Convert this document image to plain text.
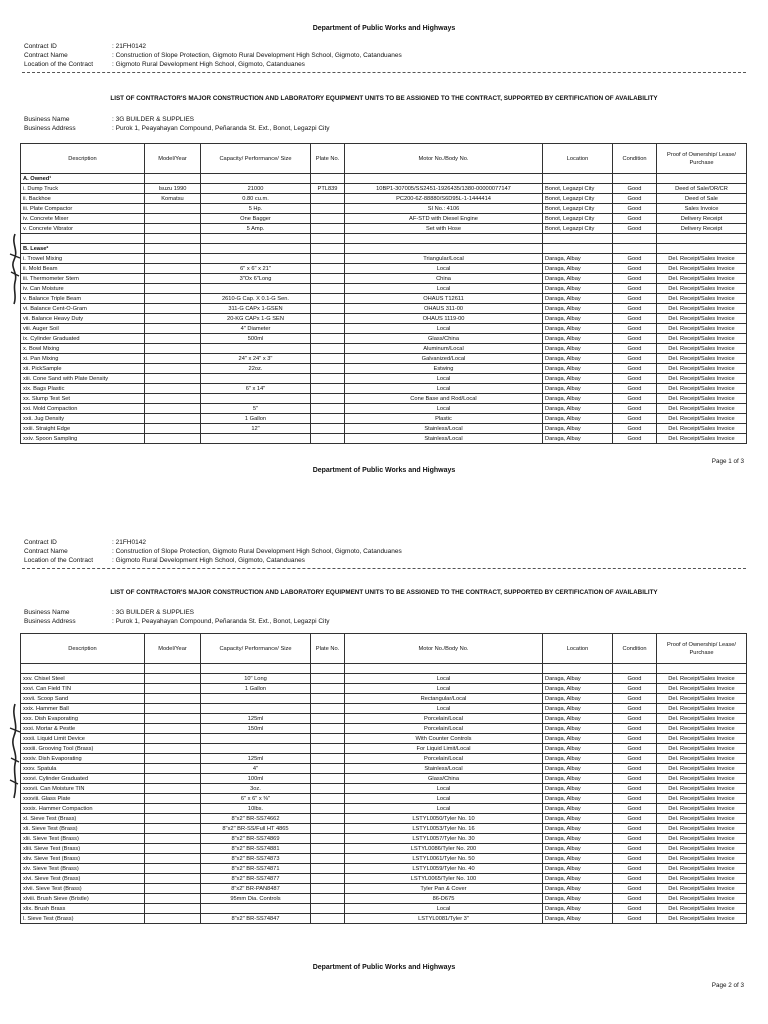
Department of Public Works and Highways
Contract ID	: 21FH0142
Contract Name	: Construction of Slope Protection, Gigmoto Rural Development High School, Gigmoto, Catanduanes
Location of the Contract	: Gigmoto Rural Development High School, Gigmoto, Catanduanes
LIST OF CONTRACTOR'S MAJOR CONSTRUCTION AND LABORATORY EQUIPMENT UNITS TO BE ASSIGNED TO THE CONTRACT, SUPPORTED BY CERTIFICATION OF AVAILABILITY
Business Name	: 3G BUILDER & SUPPLIES
Business Address	: Purok 1, Peayahayan Compound, Peñaranda St. Ext., Bonot, Legazpi City
Description	Model/Year	Capacity/ Performance/ Size	Plate No.	Motor No./Body No.	Location	Condition	Proof of Ownership/ Lease/ Purchase
A. Owned¹							
i. Dump Truck	Isuzu 1990	21000	PTL839	10BP1-307005/SS2451-1926435/1380-00000077147	Bonot, Legazpi City	Good	Deed of Sale/OR/CR
ii. Backhoe	Komatsu	0.80 cu.m.		PC200-6Z-88880/S6D95L-1-1444414	Bonot, Legazpi City	Good	Deed of Sale
iii. Plate Compactor		5 Hp.		SI No.: 4106	Bonot, Legazpi City	Good	Sales Invoice
iv. Concrete Mixer		One Bagger		AF-STD with Diesel Engine	Bonot, Legazpi City	Good	Delivery Receipt
v. Concrete Vibrator		5 Amp.		Set with Hose	Bonot, Legazpi City	Good	Delivery Receipt

B. Lease²							
i. Trowel Mixing				Triangular/Local	Daraga, Albay	Good	Del. Receipt/Sales Invoice
ii. Mold Beam		6" x 6" x 21"		Local	Daraga, Albay	Good	Del. Receipt/Sales Invoice
iii. Thermometer Stem		3"Ox 6"Long		China	Daraga, Albay	Good	Del. Receipt/Sales Invoice
iv. Can Moisture				Local	Daraga, Albay	Good	Del. Receipt/Sales Invoice
v. Balance Triple Beam		2610-G Cap. X 0.1-G Sen.		OHAUS T12611	Daraga, Albay	Good	Del. Receipt/Sales Invoice
vi. Balance Cent-O-Gram		311-G CAPx 1-GSEN		OHAUS 311-00	Daraga, Albay	Good	Del. Receipt/Sales Invoice
vii. Balance Heavy Duty		20-KG CAPx 1-G SEN		OHAUS 1119-00	Daraga, Albay	Good	Del. Receipt/Sales Invoice
viii. Auger Soil		4" Diameter		Local	Daraga, Albay	Good	Del. Receipt/Sales Invoice
ix. Cylinder Graduated		500ml		Glass/China	Daraga, Albay	Good	Del. Receipt/Sales Invoice
x. Bowl Mixing				Aluminum/Local	Daraga, Albay	Good	Del. Receipt/Sales Invoice
xi. Pan Mixing		24" x 24" x 3"		Galvanized/Local	Daraga, Albay	Good	Del. Receipt/Sales Invoice
xii. PickSample		22oz.		Estwing	Daraga, Albay	Good	Del. Receipt/Sales Invoice
xiii. Cone Sand with Plate Density				Local	Daraga, Albay	Good	Del. Receipt/Sales Invoice
xix. Bags Plastic		6" x 14"		Local	Daraga, Albay	Good	Del. Receipt/Sales Invoice
xx. Slump Test Set				Cone Base and Rod/Local	Daraga, Albay	Good	Del. Receipt/Sales Invoice
xxi. Mold Compaction		5"		Local	Daraga, Albay	Good	Del. Receipt/Sales Invoice
xxii. Jug Density		1 Gallon		Plastic	Daraga, Albay	Good	Del. Receipt/Sales Invoice
xxiii. Straight Edge		12"		Stainless/Local	Daraga, Albay	Good	Del. Receipt/Sales Invoice
xxiv. Spoon Sampling				Stainless/Local	Daraga, Albay	Good	Del. Receipt/Sales Invoice
Page 1 of 3
Department of Public Works and Highways
Contract ID	: 21FH0142
Contract Name	: Construction of Slope Protection, Gigmoto Rural Development High School, Gigmoto, Catanduanes
Location of the Contract	: Gigmoto Rural Development High School, Gigmoto, Catanduanes
LIST OF CONTRACTOR'S MAJOR CONSTRUCTION AND LABORATORY EQUIPMENT UNITS TO BE ASSIGNED TO THE CONTRACT, SUPPORTED BY CERTIFICATION OF AVAILABILITY
Business Name	: 3G BUILDER & SUPPLIES
Business Address	: Purok 1, Peayahayan Compound, Peñaranda St. Ext., Bonot, Legazpi City
Description	Model/Year	Capacity/ Performance/ Size	Plate No.	Motor No./Body No.	Location	Condition	Proof of Ownership/ Lease/ Purchase

xxv. Chisel Steel		10" Long		Local	Daraga, Albay	Good	Del. Receipt/Sales Invoice
xxvi. Can Field TIN		1 Gallon		Local	Daraga, Albay	Good	Del. Receipt/Sales Invoice
xxvii. Scoop Sand				Rectangular/Local	Daraga, Albay	Good	Del. Receipt/Sales Invoice
xxix. Hammer Ball				Local	Daraga, Albay	Good	Del. Receipt/Sales Invoice
xxx. Dish Evaporating		125ml		Porcelain/Local	Daraga, Albay	Good	Del. Receipt/Sales Invoice
xxxi. Mortar & Pestle		150ml		Porcelain/Local	Daraga, Albay	Good	Del. Receipt/Sales Invoice
xxxii. Liquid Limit Device				With Counter Controls	Daraga, Albay	Good	Del. Receipt/Sales Invoice
xxxiii. Grooving Tool (Brass)				For Liquid Limit/Local	Daraga, Albay	Good	Del. Receipt/Sales Invoice
xxxiv. Dish Evaporating		125ml		Porcelain/Local	Daraga, Albay	Good	Del. Receipt/Sales Invoice
xxxv. Spatula		4"		Stainless/Local	Daraga, Albay	Good	Del. Receipt/Sales Invoice
xxxvi. Cylinder Graduated		100ml		Glass/China	Daraga, Albay	Good	Del. Receipt/Sales Invoice
xxxvii. Can Moisture TIN		3oz.		Local	Daraga, Albay	Good	Del. Receipt/Sales Invoice
xxxviii. Glass Plate		6" x 6" x ⅜"		Local	Daraga, Albay	Good	Del. Receipt/Sales Invoice
xxxix. Hammer Compaction		10lbs.		Local	Daraga, Albay	Good	Del. Receipt/Sales Invoice
xl. Sieve Test (Brass)		8"x2" BR-SS74662		LSTYL0050/Tyler No. 10	Daraga, Albay	Good	Del. Receipt/Sales Invoice
xli. Sieve Test (Brass)		8"x2" BR-SS/Full HT 4865		LSTYL0053/Tyler No. 16	Daraga, Albay	Good	Del. Receipt/Sales Invoice
xlii. Sieve Test (Brass)		8"x2" BR-SS74869		LSTYL0057/Tyler No. 30	Daraga, Albay	Good	Del. Receipt/Sales Invoice
xliii. Sieve Test (Brass)		8"x2" BR-SS74881		LSTYL0086/Tyler No. 200	Daraga, Albay	Good	Del. Receipt/Sales Invoice
xliv. Sieve Test (Brass)		8"x2" BR-SS74873		LSTYL0061/Tyler No. 50	Daraga, Albay	Good	Del. Receipt/Sales Invoice
xlv. Sieve Test (Brass)		8"x2" BR-SS74871		LSTYL0059/Tyler No. 40	Daraga, Albay	Good	Del. Receipt/Sales Invoice
xlvi. Sieve Test (Brass)		8"x2" BR-SS74877		LSTYL0065/Tyler No. 100	Daraga, Albay	Good	Del. Receipt/Sales Invoice
xlvii. Sieve Test (Brass)		8"x2" BR-PAN8487		Tyler Pan & Cover	Daraga, Albay	Good	Del. Receipt/Sales Invoice
xlviii. Brush Sieve (Bristle)		95mm Dia. Controls		86-D675	Daraga, Albay	Good	Del. Receipt/Sales Invoice
xlix. Brush Brass				Local	Daraga, Albay	Good	Del. Receipt/Sales Invoice
l. Sieve Test (Brass)		8"x2" BR-SS74847		LSTYL0081/Tyler 3"	Daraga, Albay	Good	Del. Receipt/Sales Invoice
Department of Public Works and Highways
Page 2 of 3
